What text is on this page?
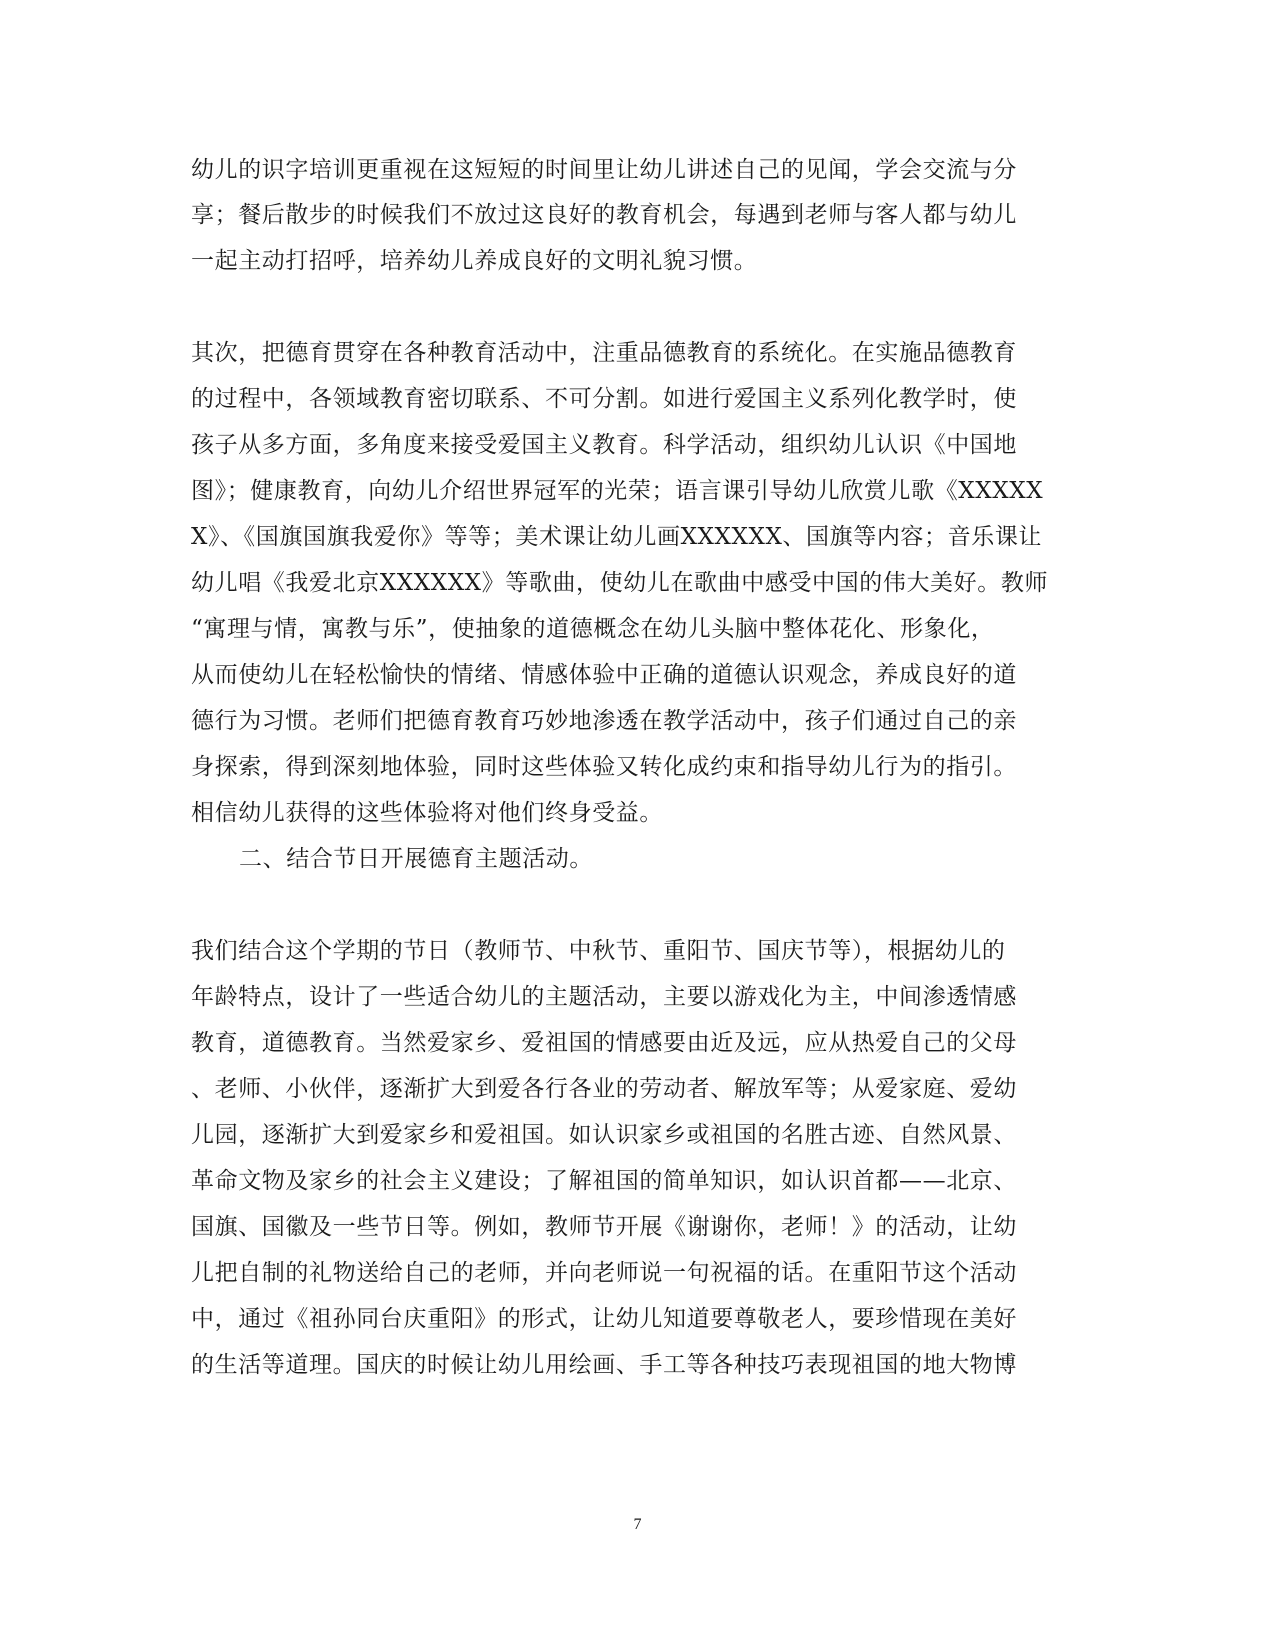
幼儿的识字培训更重视在这短短的时间里让幼儿讲述自己的见闻，学会交流与分
享；餐后散步的时候我们不放过这良好的教育机会，每遇到老师与客人都与幼儿
一起主动打招呼，培养幼儿养成良好的文明礼貌习惯。
其次，把德育贯穿在各种教育活动中，注重品德教育的系统化。在实施品德教育
的过程中，各领域教育密切联系、不可分割。如进行爱国主义系列化教学时，使
孩子从多方面，多角度来接受爱国主义教育。科学活动，组织幼儿认识《中国地
图》；健康教育，向幼儿介绍世界冠军的光荣；语言课引导幼儿欣赏儿歌《XXXXX
X》、《国旗国旗我爱你》等等；美术课让幼儿画XXXXXX、国旗等内容；音乐课让
幼儿唱《我爱北京XXXXXX》等歌曲，使幼儿在歌曲中感受中国的伟大美好。教师
“寓理与情，寓教与乐”，使抽象的道德概念在幼儿头脑中整体花化、形象化，
从而使幼儿在轻松愉快的情绪、情感体验中正确的道德认识观念，养成良好的道
德行为习惯。老师们把德育教育巧妙地渗透在教学活动中，孩子们通过自己的亲
身探索，得到深刻地体验，同时这些体验又转化成约束和指导幼儿行为的指引。
相信幼儿获得的这些体验将对他们终身受益。
二、结合节日开展德育主题活动。
我们结合这个学期的节日（教师节、中秋节、重阳节、国庆节等），根据幼儿的
年龄特点，设计了一些适合幼儿的主题活动，主要以游戏化为主，中间渗透情感
教育，道德教育。当然爱家乡、爱祖国的情感要由近及远，应从热爱自己的父母
、老师、小伙伴，逐渐扩大到爱各行各业的劳动者、解放军等；从爱家庭、爱幼
儿园，逐渐扩大到爱家乡和爱祖国。如认识家乡或祖国的名胜古迹、自然风景、
革命文物及家乡的社会主义建设；了解祖国的简单知识，如认识首都——北京、
国旗、国徽及一些节日等。例如，教师节开展《谢谢你，老师！》的活动，让幼
儿把自制的礼物送给自己的老师，并向老师说一句祝福的话。在重阳节这个活动
中，通过《祖孙同台庆重阳》的形式，让幼儿知道要尊敬老人，要珍惜现在美好
的生活等道理。国庆的时候让幼儿用绘画、手工等各种技巧表现祖国的地大物博
7
